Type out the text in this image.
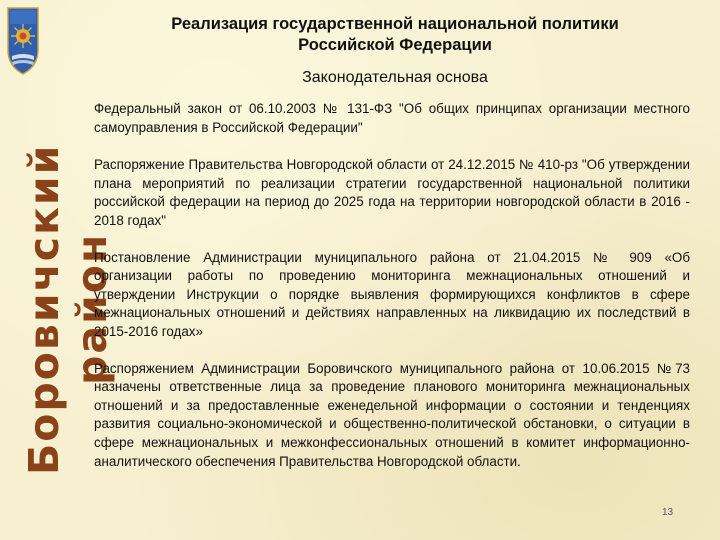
Боровичский район
Реализация государственной национальной политики
Российской Федерации
Законодательная основа

Федеральный закон от 06.10.2003 № 131-ФЗ "Об общих принципах организации местного самоуправления в Российской Федерации"

Распоряжение Правительства Новгородской области от 24.12.2015 № 410-рз "Об утверждении плана мероприятий по реализации стратегии государственной национальной политики российской федерации на период до 2025 года на территории новгородской области в 2016 - 2018 годах"

Постановление Администрации муниципального района от 21.04.2015 № 909 «Об организации работы по проведению мониторинга межнациональных отношений и утверждении Инструкции о порядке выявления формирующихся конфликтов в сфере межнациональных отношений и действиях направленных на ликвидацию их последствий в 2015-2016 годах»

Распоряжением Администрации Боровичского муниципального района от 10.06.2015 №73 назначены ответственные лица за проведение планового мониторинга межнациональных отношений и за предоставленные еженедельной информации о состоянии и тенденциях развития социально-экономической и общественно-политической обстановки, о ситуации в сфере межнациональных и межконфессиональных отношений в комитет информационно-аналитического обеспечения Правительства Новгородской области.

13
